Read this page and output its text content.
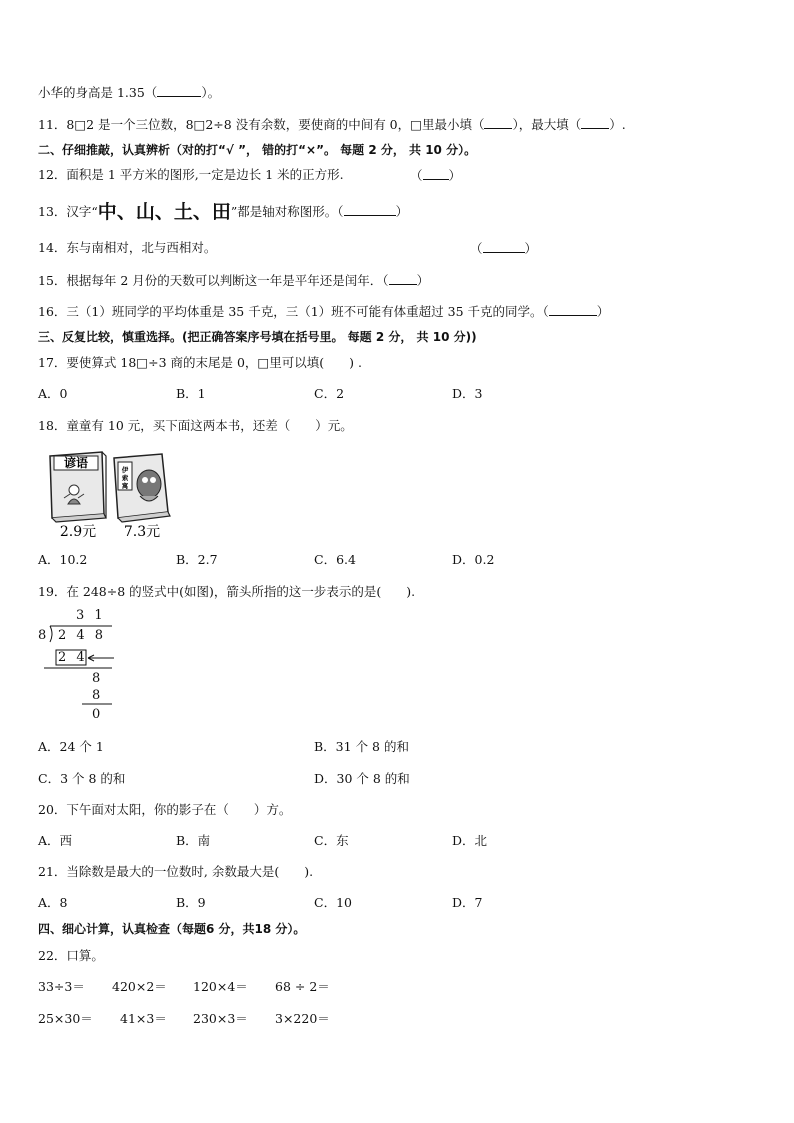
小华的身高是 1.35（	）。
11．8□2 是一个三位数，8□2÷8 没有余数，要使商的中间有 0，□里最小填（ ），最大填（ ）.
二、仔细推敲，认真辨析（对的打“√ ”， 错的打“×”。 每题 2 分， 共 10 分）。
12．面积是 1 平方米的图形,一定是边长 1 米的正方形.	（ ）
13．汉字“中、山、土、田”都是轴对称图形。（	）
14．东与南相对，北与西相对。	（	）
15．根据每年 2 月份的天数可以判断这一年是平年还是闰年．（ ）
16．三（1）班同学的平均体重是 35 千克，三（1）班不可能有体重超过 35 千克的同学。（	）
三、反复比较，慎重选择。(把正确答案序号填在括号里。 每题 2 分， 共 10 分))
17．要使算式 18□÷3 商的末尾是 0，□里可以填(　　) .
A．0	B．1	C．2	D．3
18．童童有 10 元，买下面这两本书，还差（　　）元。
谚语	伊
索
寓
2.9元 7.3元
A．10.2	B．2.7	C．6.4	D．0.2
19．在 248÷8 的竖式中(如图)，箭头所指的这一步表示的是(　　).
3 1
8 2 4 8
2 4
8
8
0
A．24 个 1	B．31 个 8 的和
C．3 个 8 的和	D．30 个 8 的和
20．下午面对太阳，你的影子在（　　）方。
A．西	B．南	C．东	D．北
21．当除数是最大的一位数时, 余数最大是(　　).
A．8	B．9	C．10	D．7
四、细心计算，认真检查（每题6 分，共18 分）。
22．口算。
33÷3＝ 420×2＝ 120×4＝ 68 ÷ 2＝
25×30＝ 41×3＝ 230×3＝ 3×220＝
